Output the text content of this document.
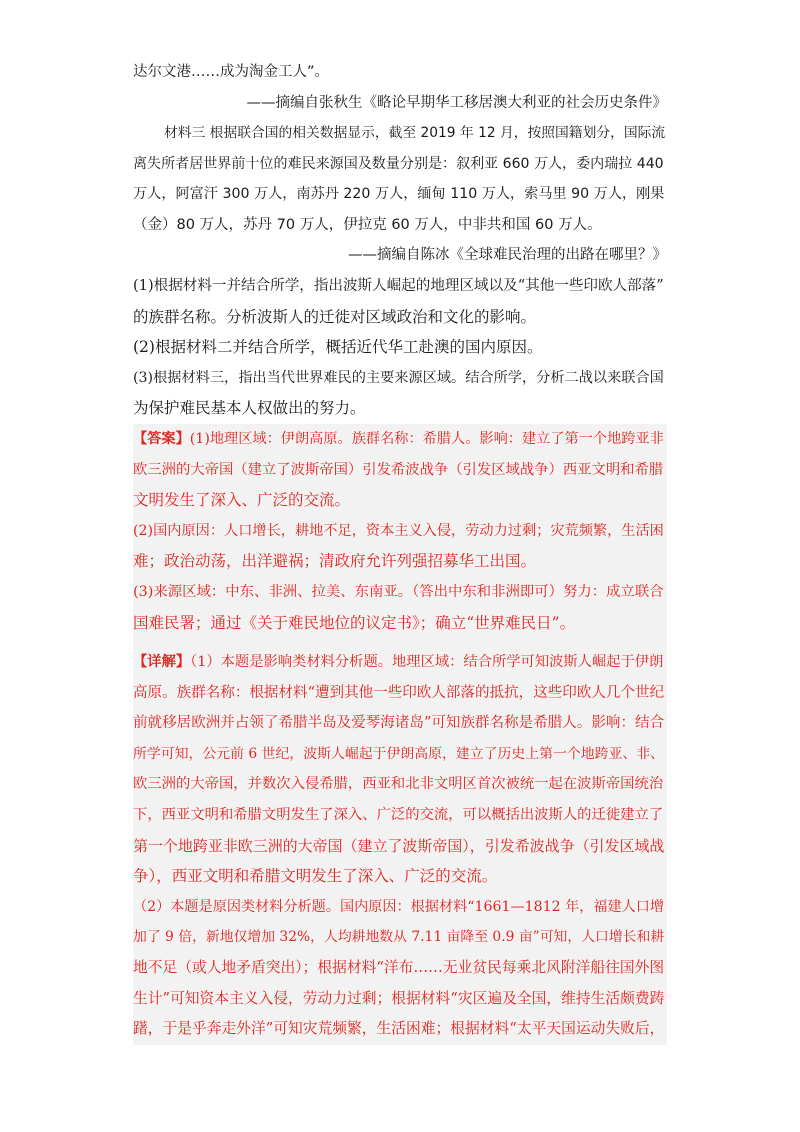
达尔文港……成为淘金工人”。
——摘编自张秋生《略论早期华工移居澳大利亚的社会历史条件》
材料三 根据联合国的相关数据显示，截至 2019 年 12 月，按照国籍划分，国际流
离失所者居世界前十位的难民来源国及数量分别是：叙利亚 660 万人，委内瑞拉 440
万人，阿富汗 300 万人，南苏丹 220 万人，缅甸 110 万人，索马里 90 万人，刚果
（金）80 万人，苏丹 70 万人，伊拉克 60 万人，中非共和国 60 万人。
——摘编自陈冰《全球难民治理的出路在哪里？》
(1)根据材料一并结合所学，指出波斯人崛起的地理区域以及“其他一些印欧人部落”
的族群名称。分析波斯人的迁徙对区域政治和文化的影响。
(2)根据材料二并结合所学，概括近代华工赴澳的国内原因。
(3)根据材料三，指出当代世界难民的主要来源区域。结合所学，分析二战以来联合国
为保护难民基本人权做出的努力。
【答案】(1)地理区域：伊朗高原。族群名称：希腊人。影响：建立了第一个地跨亚非
欧三洲的大帝国（建立了波斯帝国）引发希波战争（引发区域战争）西亚文明和希腊
文明发生了深入、广泛的交流。
(2)国内原因：人口增长，耕地不足，资本主义入侵，劳动力过剩；灾荒频繁，生活困
难；政治动荡，出洋避祸；清政府允许列强招募华工出国。
(3)来源区域：中东、非洲、拉美、东南亚。（答出中东和非洲即可）努力：成立联合
国难民署；通过《关于难民地位的议定书》；确立“世界难民日”。

【详解】（1）本题是影响类材料分析题。地理区域：结合所学可知波斯人崛起于伊朗
高原。族群名称：根据材料“遭到其他一些印欧人部落的抵抗，这些印欧人几个世纪
前就移居欧洲并占领了希腊半岛及爱琴海诸岛”可知族群名称是希腊人。影响：结合
所学可知，公元前 6 世纪，波斯人崛起于伊朗高原，建立了历史上第一个地跨亚、非、
欧三洲的大帝国，并数次入侵希腊，西亚和北非文明区首次被统一起在波斯帝国统治
下，西亚文明和希腊文明发生了深入、广泛的交流，可以概括出波斯人的迁徙建立了
第一个地跨亚非欧三洲的大帝国（建立了波斯帝国），引发希波战争（引发区域战
争），西亚文明和希腊文明发生了深入、广泛的交流。
（2）本题是原因类材料分析题。国内原因：根据材料“1661—1812 年，福建人口增
加了 9 倍，新地仅增加 32%，人均耕地数从 7.11 亩降至 0.9 亩”可知，人口增长和耕
地不足（或人地矛盾突出）；根据材料“洋布……无业贫民每乘北风附洋船往国外图
生计”可知资本主义入侵，劳动力过剩；根据材料“灾区遍及全国，维持生活颇费踌
躇，于是乎奔走外洋”可知灾荒频繁，生活困难；根据材料“太平天国运动失败后，
